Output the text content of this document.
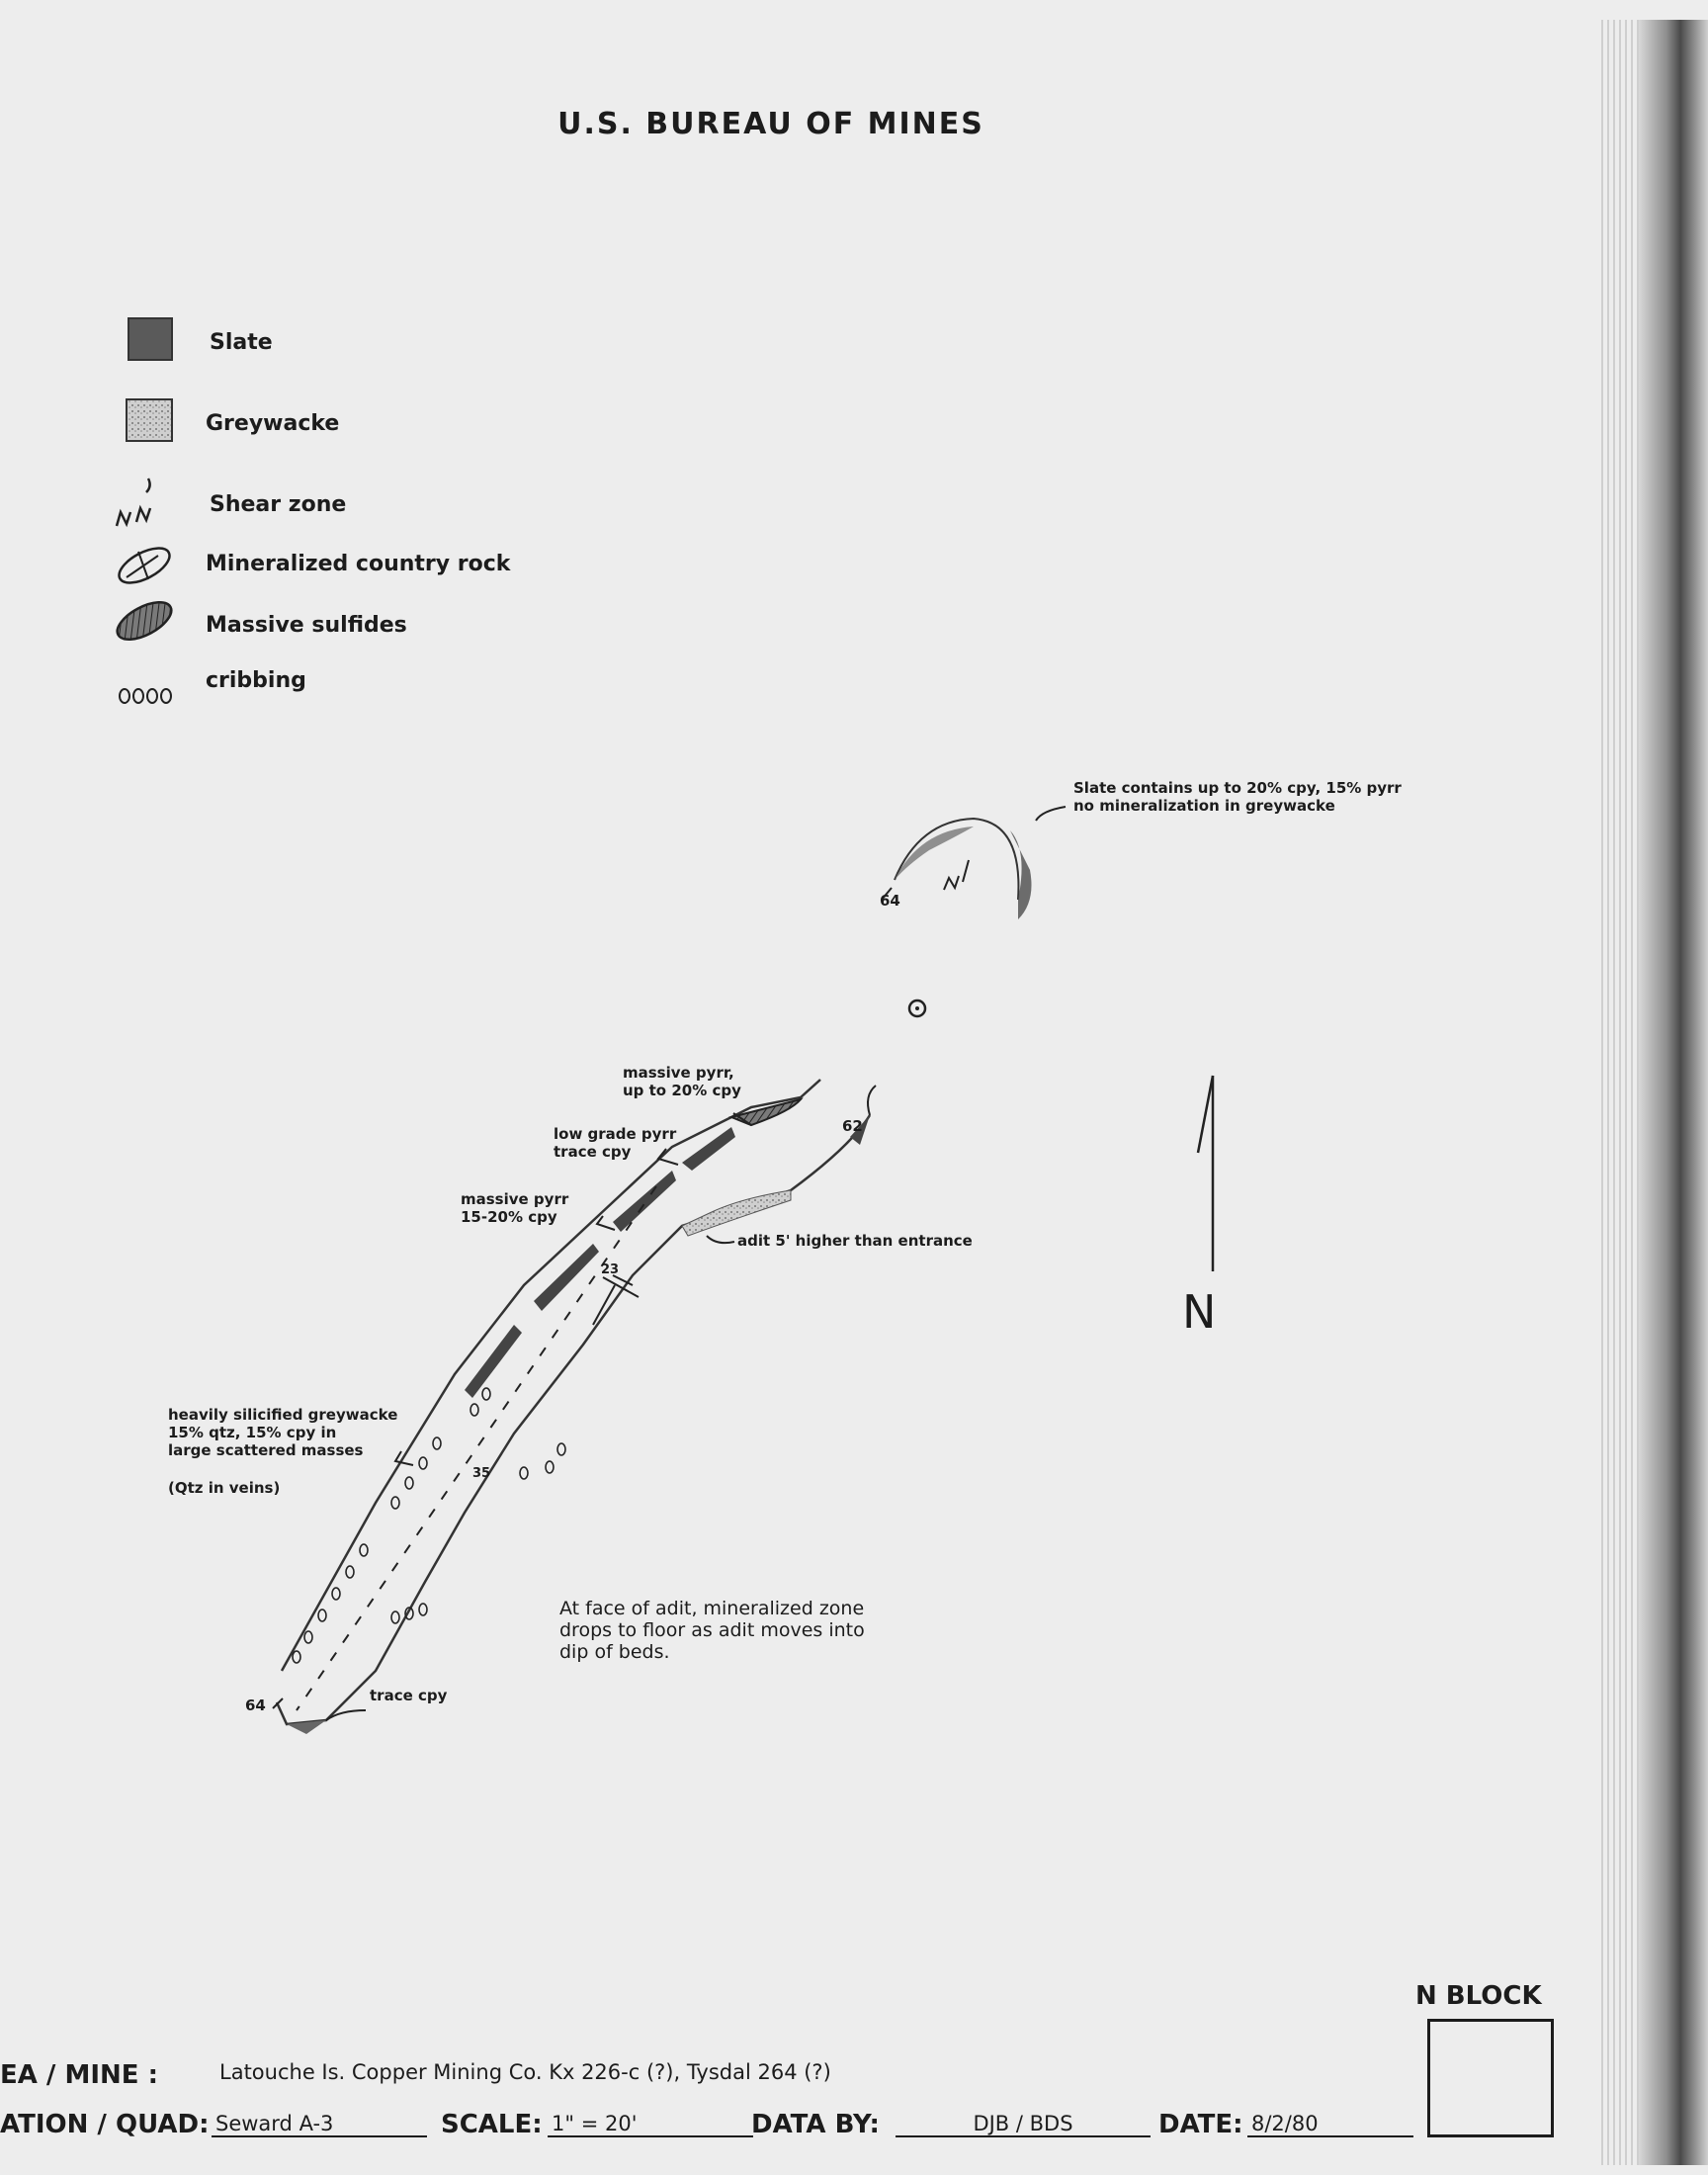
U.S. BUREAU OF MINES
Slate
Greywacke
Shear zone
Mineralized country rock
Massive sulfides
cribbing
Slate contains up to 20% cpy, 15% pyrr
no mineralization in greywacke
64
massive pyrr,
up to 20% cpy
62
low grade pyrr
trace cpy
massive pyrr
15-20% cpy
adit 5' higher than entrance
23
heavily silicified greywacke
15% qtz, 15% cpy in
large scattered masses
(Qtz in veins)
35
At face of adit, mineralized zone
drops to floor as adit moves into
dip of beds.
trace cpy
64
N
N BLOCK
EA / MINE :	Latouche Is. Copper Mining Co. Kx 226-c (?), Tysdal 264 (?)
ATION / QUAD: Seward A-3	SCALE: 1" = 20'	DATA BY:	DJB / BDS	DATE: 8/2/80
